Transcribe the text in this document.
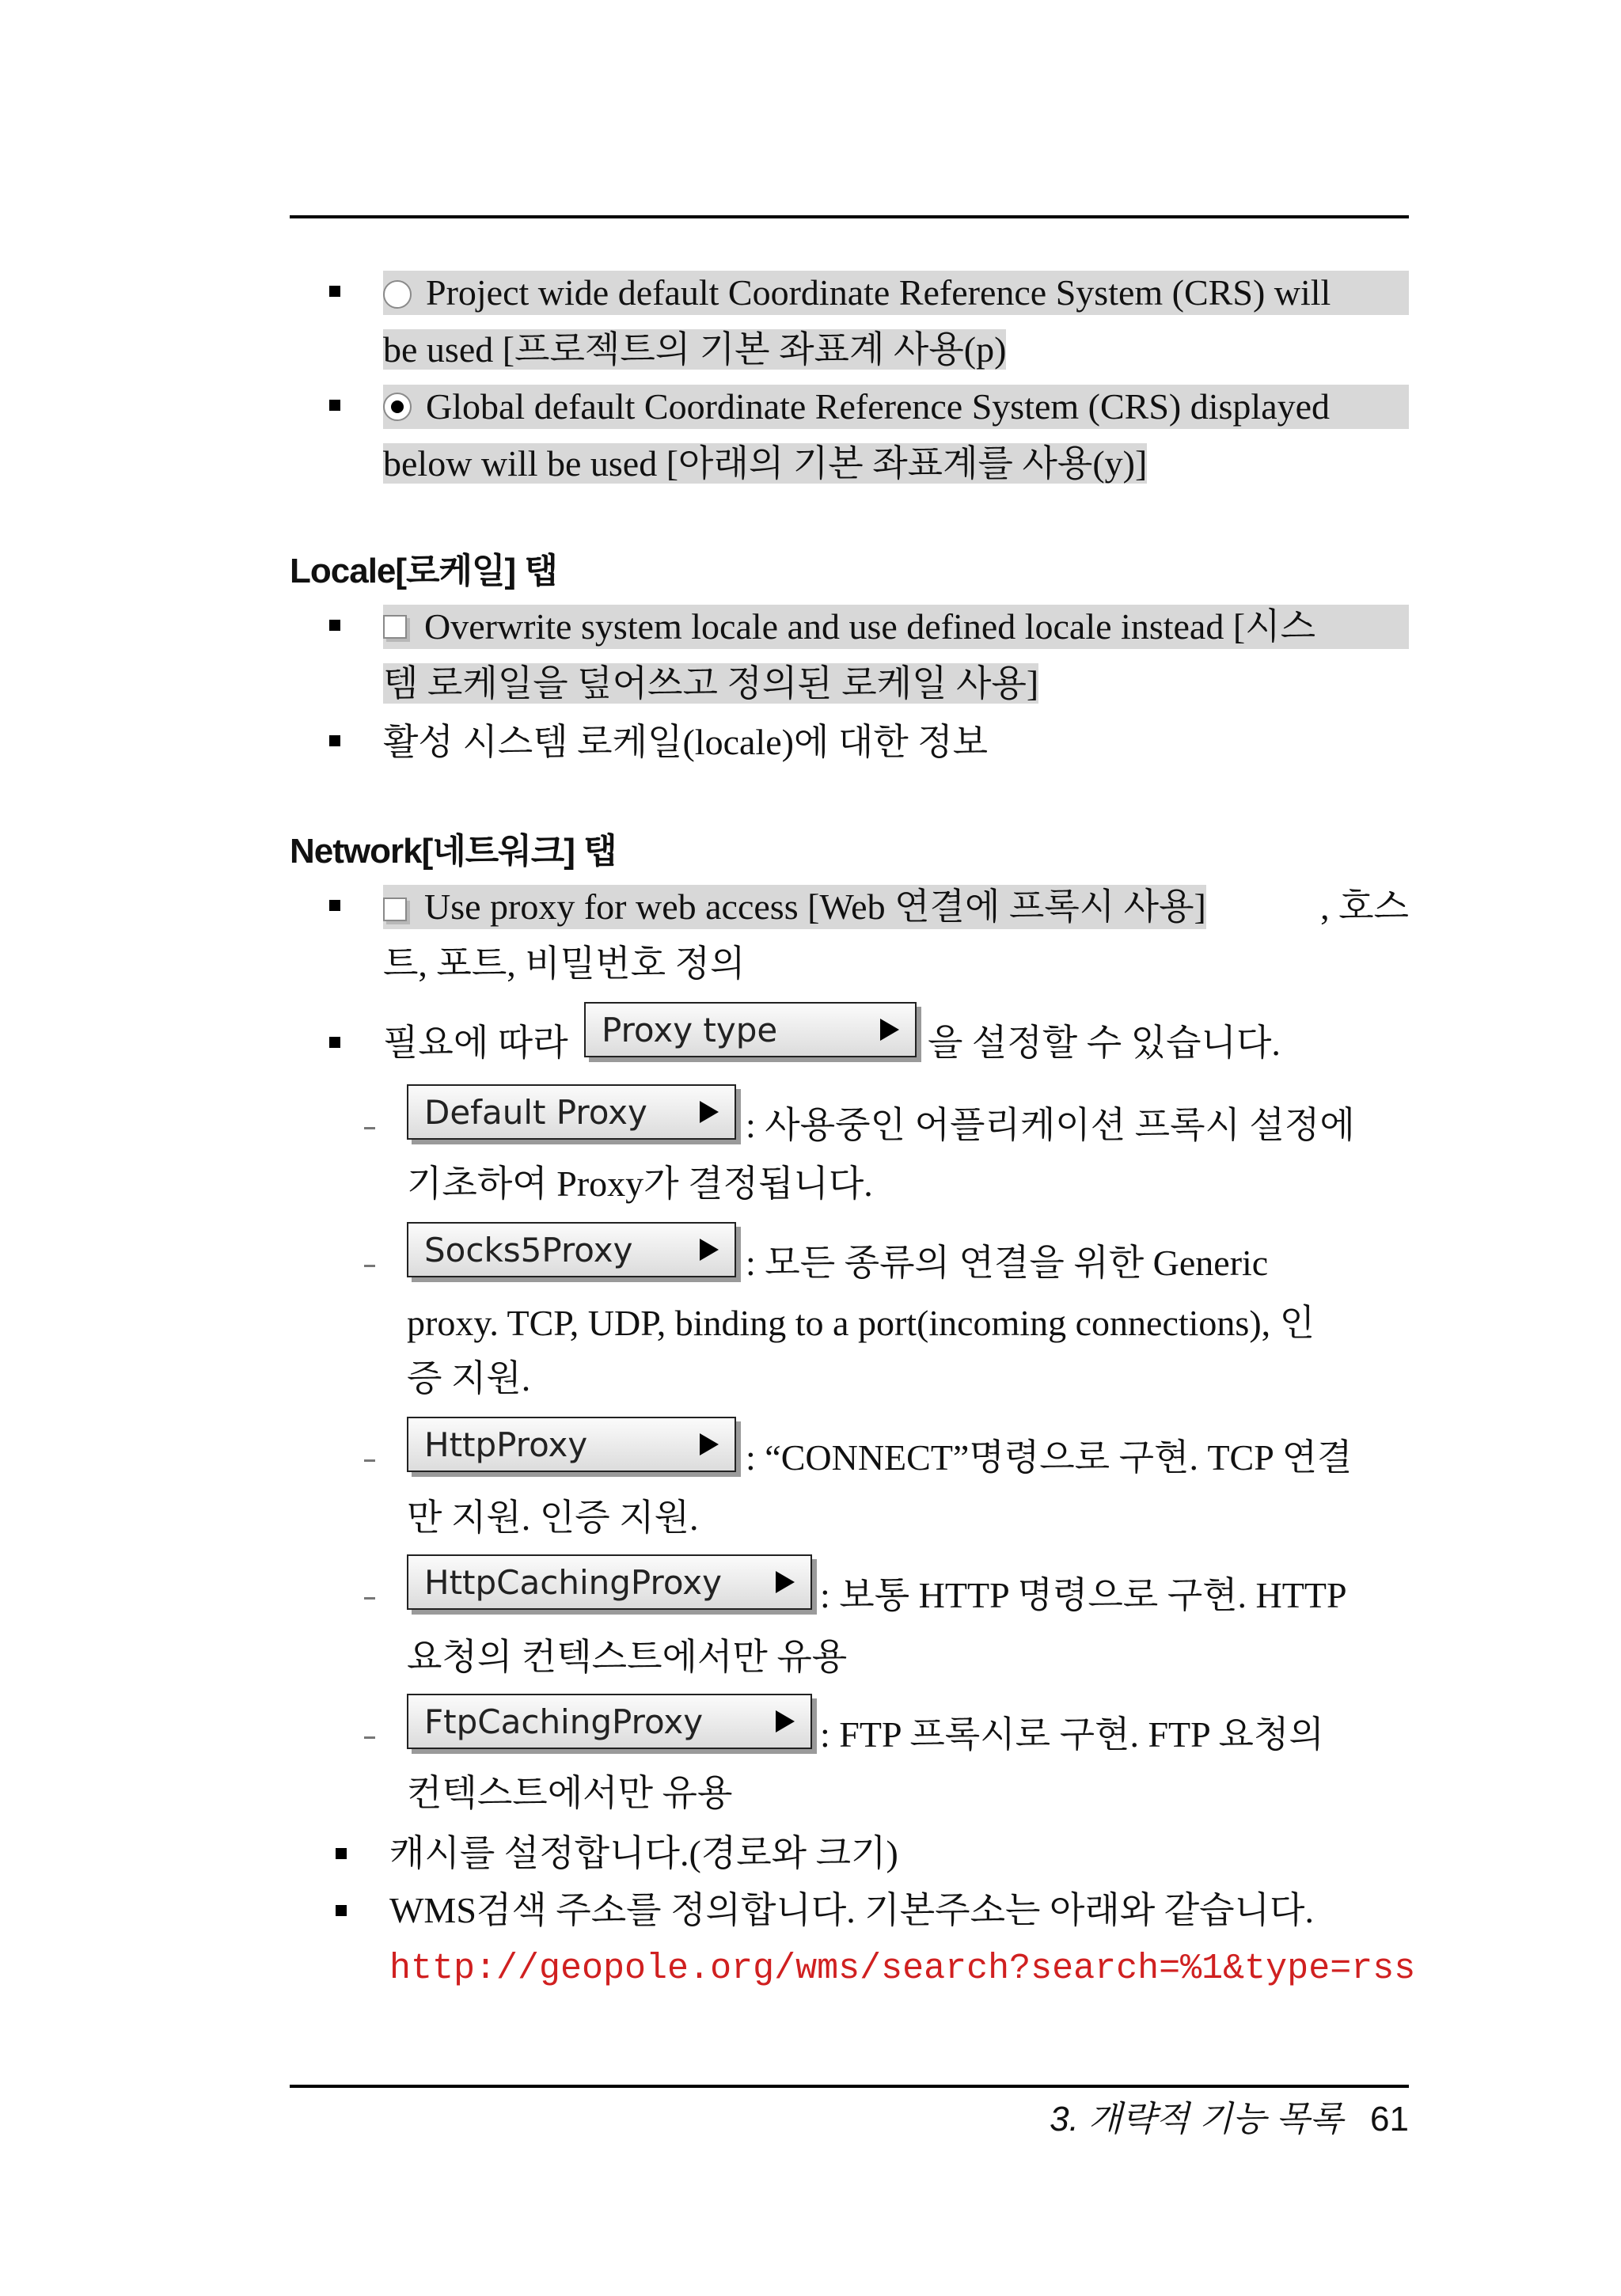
Project wide default Coordinate Reference System (CRS) will
be used [프로젝트의 기본 좌표계 사용(p)
Global default Coordinate Reference System (CRS) displayed
below will be used [아래의 기본 좌표계를 사용(y)]
Locale[로케일] 탭
Overwrite system locale and use defined locale instead [시스
템 로케일을 덮어쓰고 정의된 로케일 사용]
활성 시스템 로케일(locale)에 대한 정보
Network[네트워크] 탭
Use proxy for web access [Web 연결에 프록시 사용]	, 호스
트, 포트, 비밀번호 정의
필요에 따라	Proxy type	을 설정할 수 있습니다.
Default Proxy	: 사용중인 어플리케이션 프록시 설정에
기초하여 Proxy가 결정됩니다.
Socks5Proxy	: 모든 종류의 연결을 위한 Generic
proxy. TCP, UDP, binding to a port(incoming connections), 인
증 지원.
HttpProxy	: “CONNECT”명령으로 구현. TCP 연결
만 지원. 인증 지원.
HttpCachingProxy	: 보통 HTTP 명령으로 구현. HTTP
요청의 컨텍스트에서만 유용
FtpCachingProxy	: FTP 프록시로 구현. FTP 요청의
컨텍스트에서만 유용
캐시를 설정합니다.(경로와 크기)
WMS검색 주소를 정의합니다. 기본주소는 아래와 같습니다.
http://geopole.org/wms/search?search=%1&type=rss
3. 개략적 기능 목록 61
